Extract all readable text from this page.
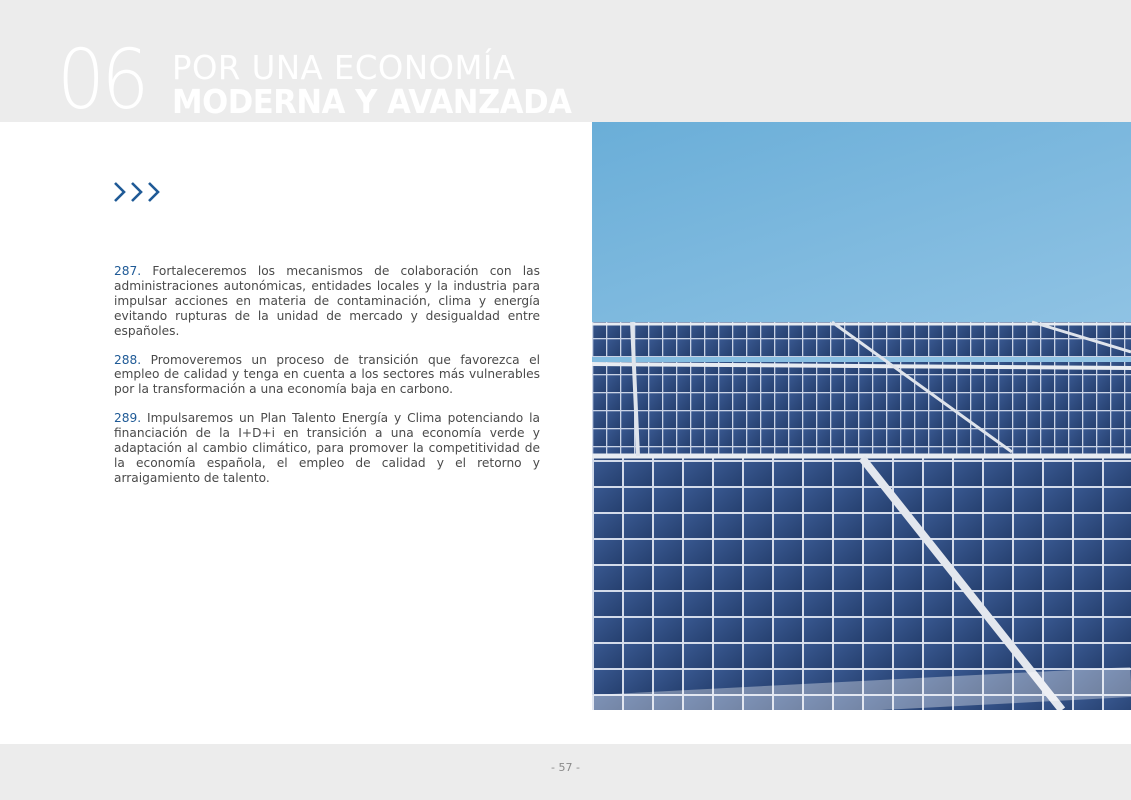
06 POR UNA ECONOMÍA
MODERNA Y AVANZADA

287. Fortaleceremos los mecanismos de colaboración con las administraciones autonómicas, entidades locales y la industria para impulsar acciones en materia de contaminación, clima y energía evitando rupturas de la unidad de mercado y desigualdad entre españoles.

288. Promoveremos un proceso de transición que favorezca el empleo de calidad y tenga en cuenta a los sectores más vulnerables por la transformación a una economía baja en carbono.

289. Impulsaremos un Plan Talento Energía y Clima potenciando la financiación de la I+D+i en transición a una economía verde y adaptación al cambio climático, para promover la competitividad de la economía española, el empleo de calidad y el retorno y arraigamiento de talento.

- 57 -
